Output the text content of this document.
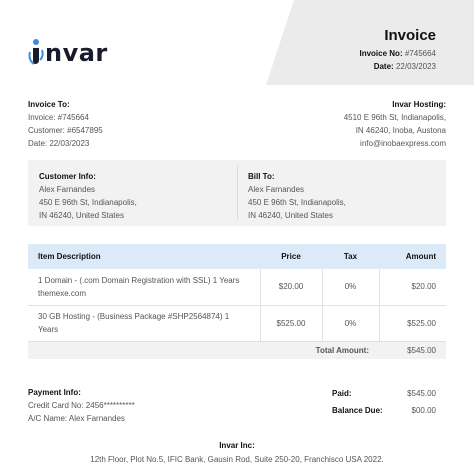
nvar
Invoice
Invoice No: #745664
Date: 22/03/2023
Invoice To:
Invoice: #745664
Customer: #6547895
Date: 22/03/2023
Invar Hosting:
4510 E 96th St, Indianapolis,
IN 46240, Inoba, Austona
info@inobaexpress.com
Customer Info:
Alex Farnandes
450 E 96th St, Indianapolis,
IN 46240, United States
Bill To:
Alex Farnandes
450 E 96th St, Indianapolis,
IN 46240, United States
Item Description	Price	Tax	Amount
1 Domain - (.com Domain Registration with SSL) 1 Years themexe.com	$20.00	0%	$20.00
30 GB Hosting - (Business Package #SHP2564874) 1 Years	$525.00	0%	$525.00
Total Amount:			$545.00
Payment Info:
Credit Card No: 2456**********
A/C Name: Alex Farnandes
Paid:	$545.00
Balance Due:	$00.00
Invar Inc:
12th Floor, Plot No.5, IFIC Bank, Gausin Rod, Suite 250-20, Franchisco USA 2022.
